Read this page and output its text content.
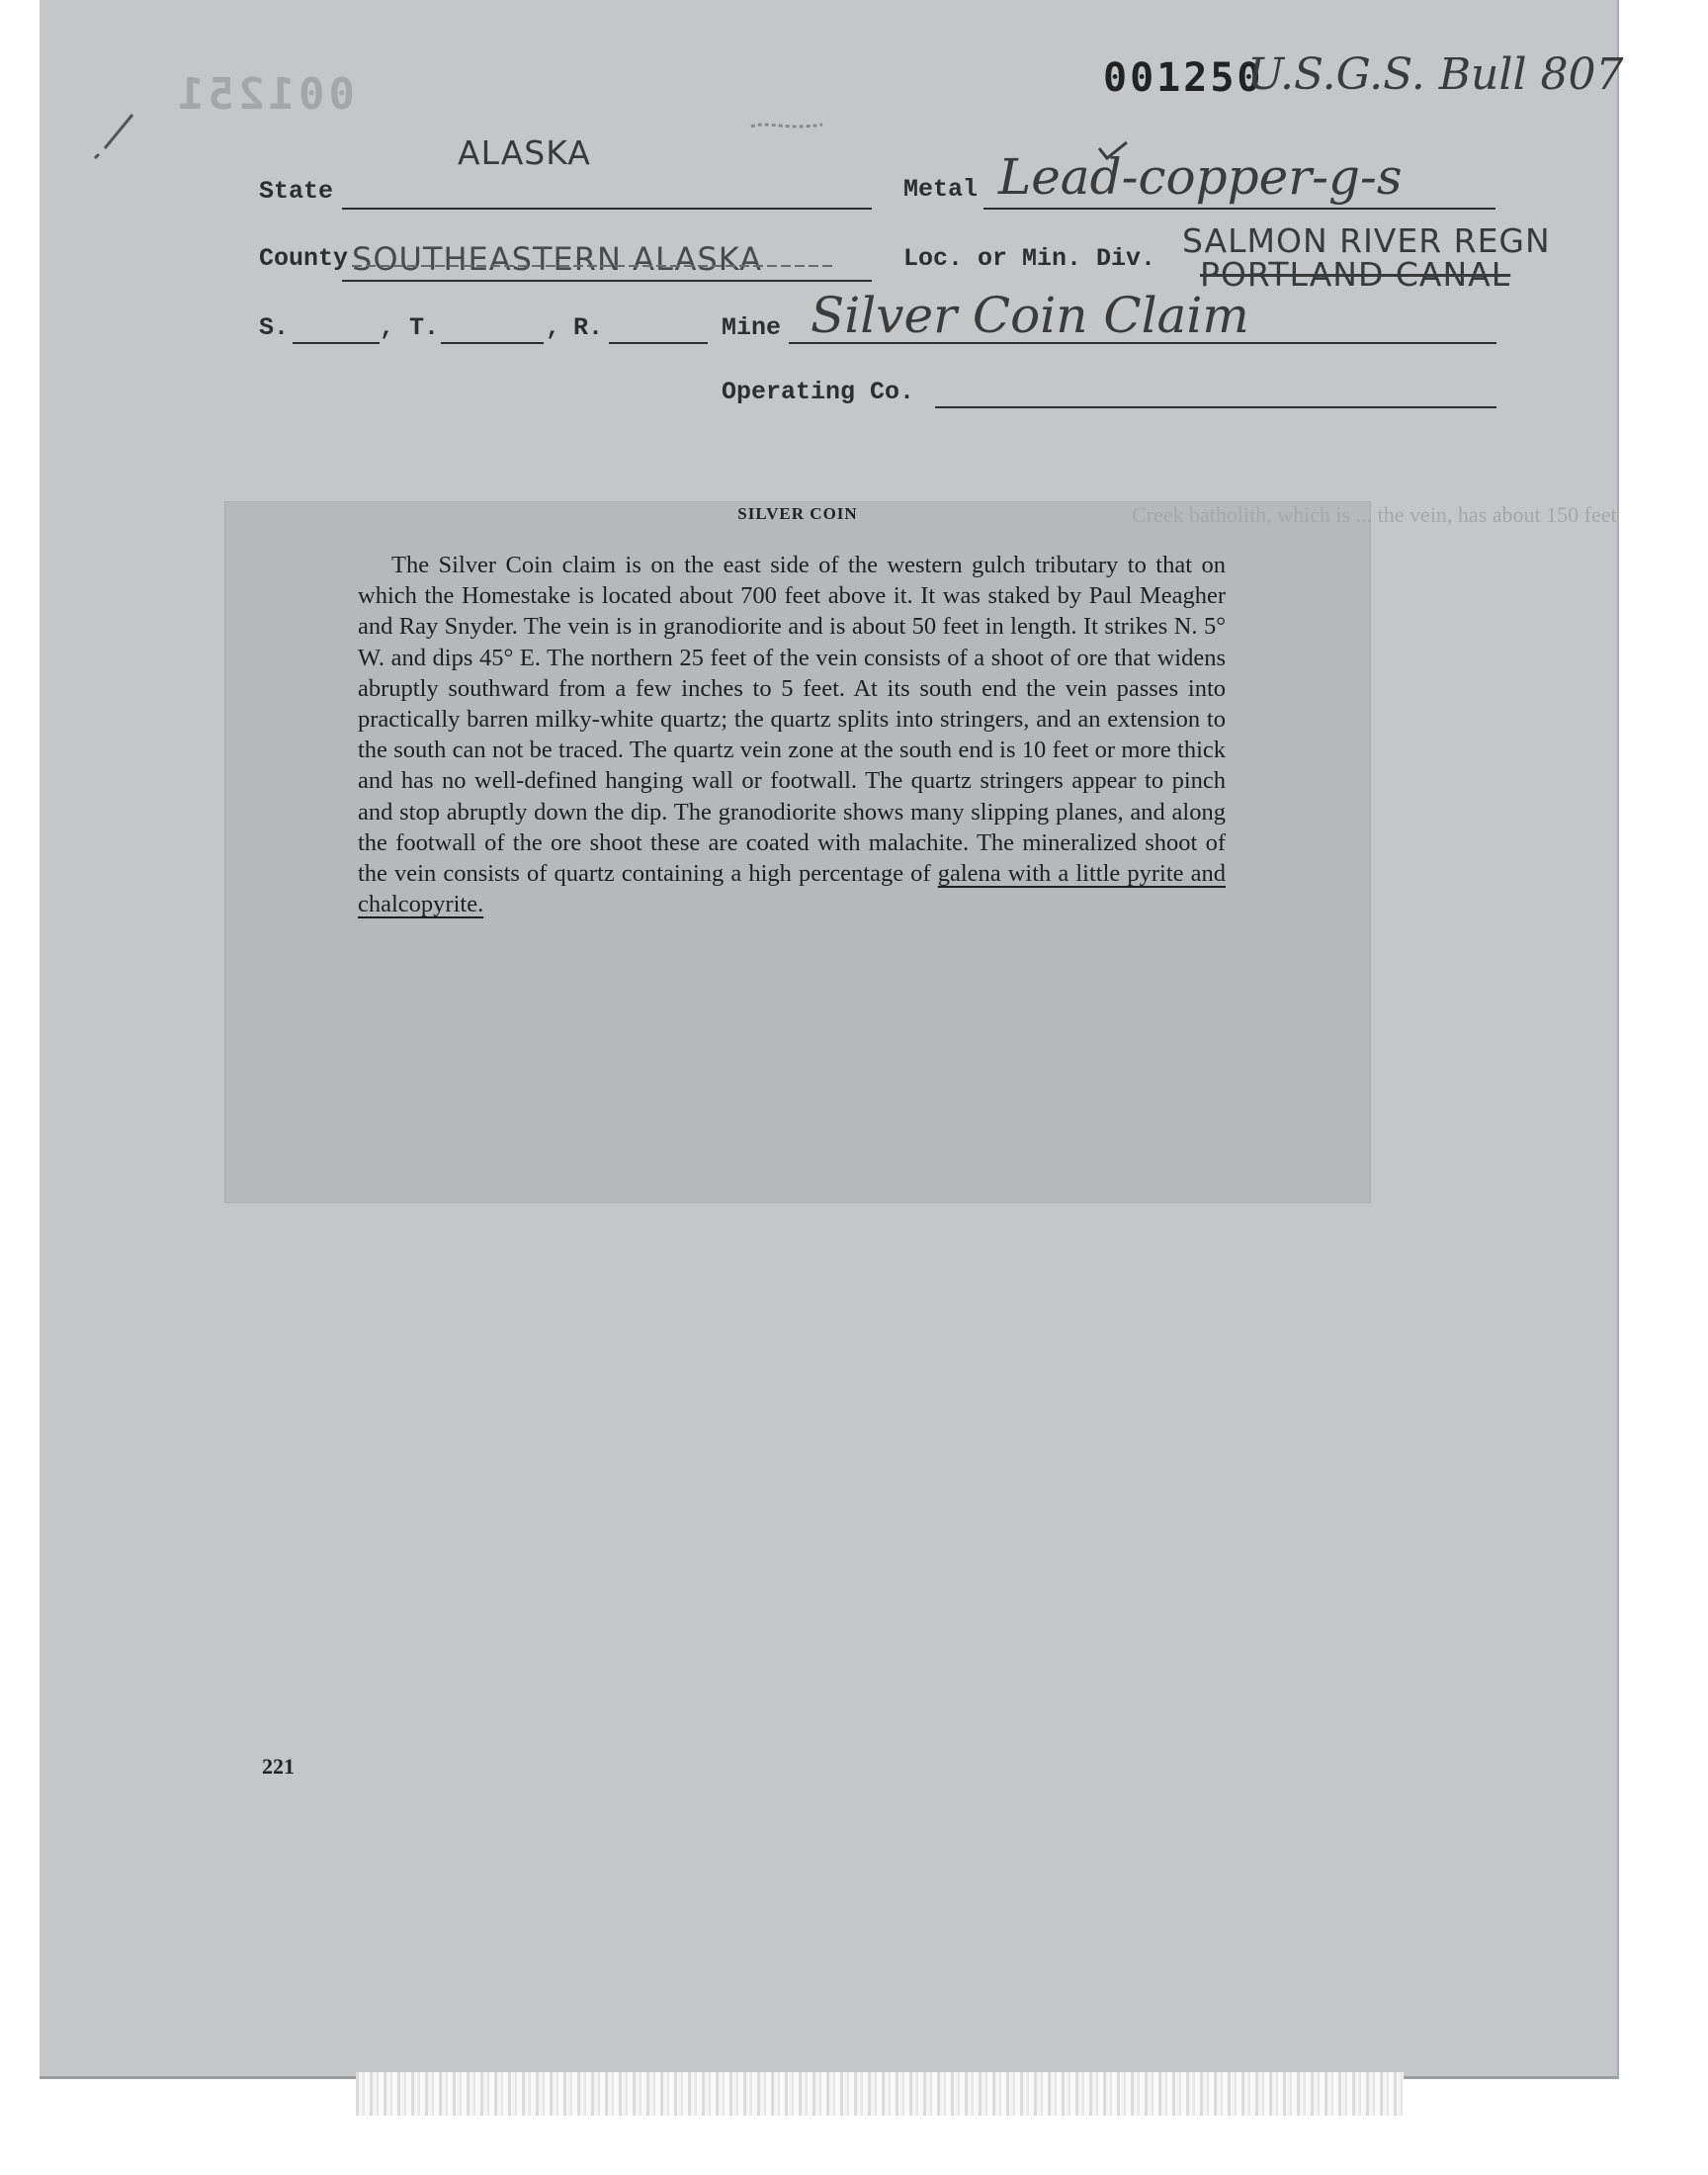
001251	001250
U.S.G.S. Bull 807
ALASKA
State	Metal Lead-copper-g-s
County SOUTHEASTERN ALASKA	Loc. or Min. Div. SALMON RIVER REGN
PORTLAND CANAL
S.	, T.	, R.	Mine Silver Coin Claim
Operating Co.
SILVER COIN

The Silver Coin claim is on the east side of the western gulch tributary to that on which the Homestake is located about 700 feet above it. It was staked by Paul Meagher and Ray Snyder. The vein is in granodiorite and is about 50 feet in length. It strikes N. 5° W. and dips 45° E. The northern 25 feet of the vein consists of a shoot of ore that widens abruptly southward from a few inches to 5 feet. At its south end the vein passes into practically barren milky-white quartz; the quartz splits into stringers, and an extension to the south can not be traced. The quartz vein zone at the south end is 10 feet or more thick and has no well-defined hanging wall or footwall. The quartz stringers appear to pinch and stop abruptly down the dip. The granodiorite shows many slipping planes, and along the footwall of the ore shoot these are coated with malachite. The mineralized shoot of the vein consists of quartz containing a high percentage of galena with a little pyrite and chalcopyrite.

Creek batholith, which is ... the vein, has about 150 feet
221
